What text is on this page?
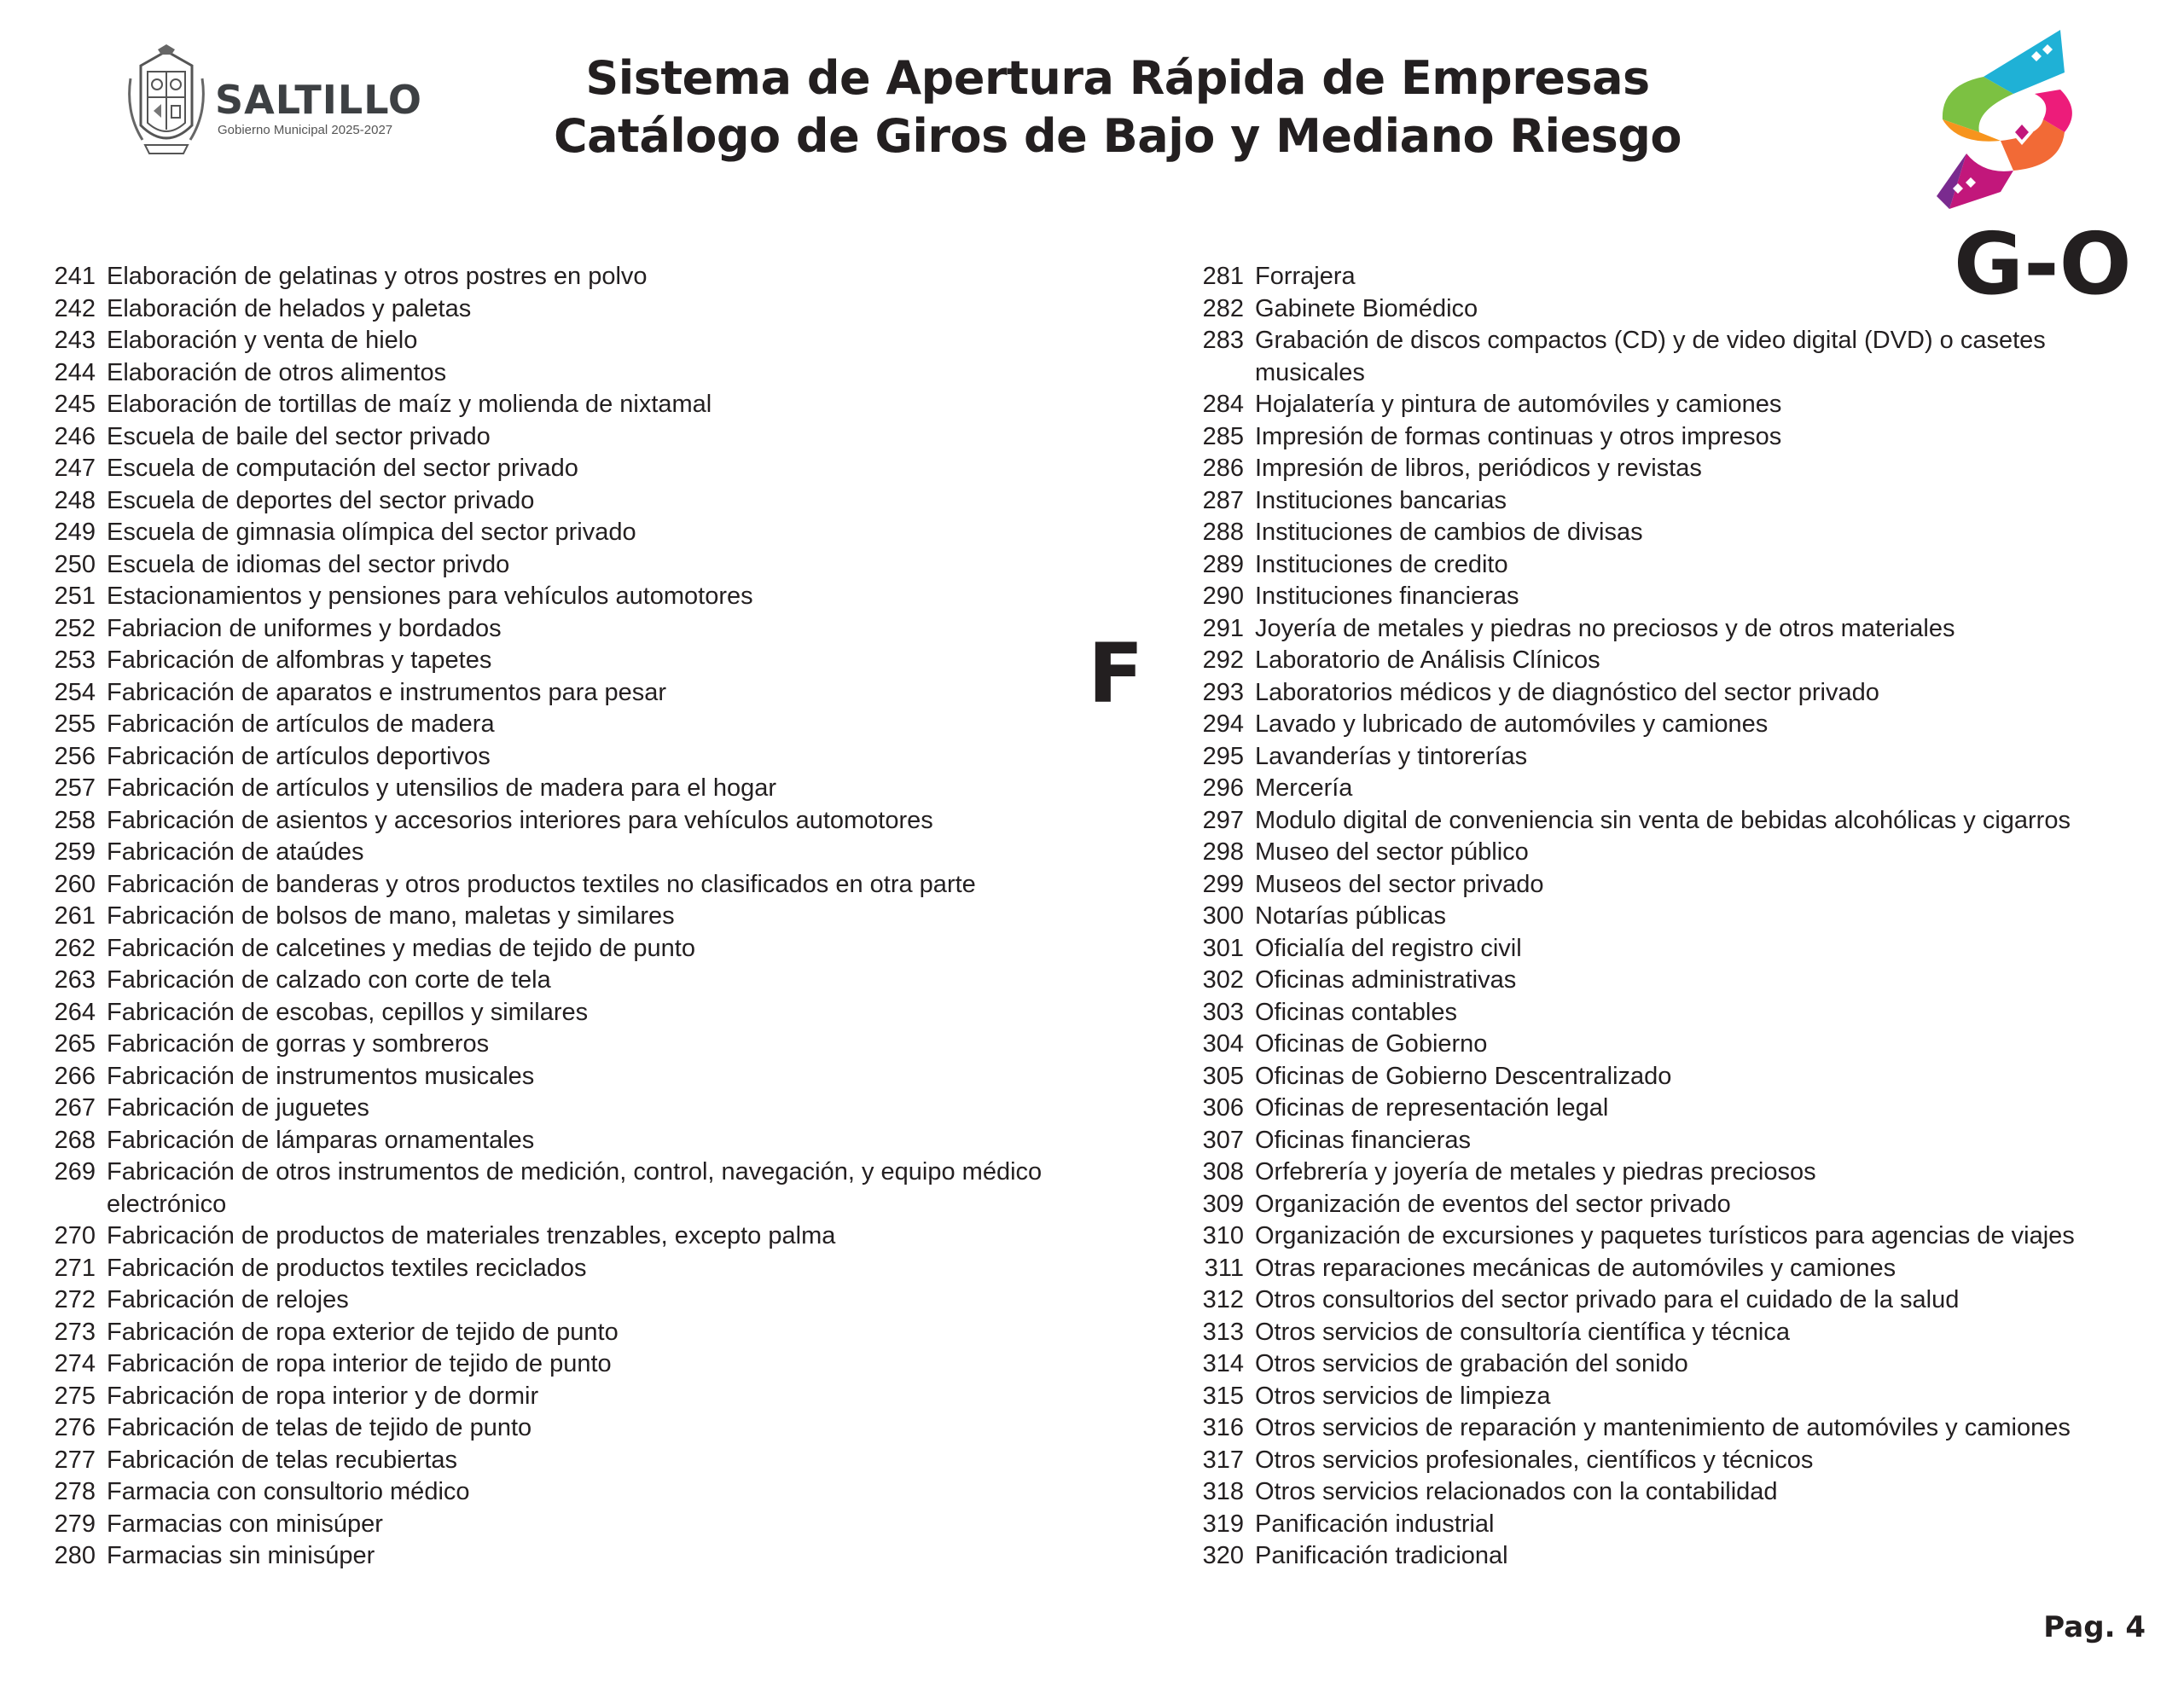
SALTILLO
Gobierno Municipal 2025-2027
Sistema de Apertura Rápida de Empresas
Catálogo de Giros de Bajo y Mediano Riesgo
G-O
F
241 Elaboración de gelatinas y otros postres en polvo
242 Elaboración de helados y paletas
243 Elaboración y venta de hielo
244 Elaboración de otros alimentos
245 Elaboración de tortillas de maíz y molienda de nixtamal
246 Escuela de baile del sector privado
247 Escuela de computación del sector privado
248 Escuela de deportes del sector privado
249 Escuela de gimnasia olímpica del sector privado
250 Escuela de idiomas del sector privdo
251 Estacionamientos y pensiones para vehículos automotores
252 Fabriacion de uniformes y bordados
253 Fabricación de alfombras y tapetes
254 Fabricación de aparatos e instrumentos para pesar
255 Fabricación de artículos de madera
256 Fabricación de artículos deportivos
257 Fabricación de artículos y utensilios de madera para el hogar
258 Fabricación de asientos y accesorios interiores para vehículos automotores
259 Fabricación de ataúdes
260 Fabricación de banderas y otros productos textiles no clasificados en otra parte
261 Fabricación de bolsos de mano, maletas y similares
262 Fabricación de calcetines y medias de tejido de punto
263 Fabricación de calzado con corte de tela
264 Fabricación de escobas, cepillos y similares
265 Fabricación de gorras y sombreros
266 Fabricación de instrumentos musicales
267 Fabricación de juguetes
268 Fabricación de lámparas ornamentales
269 Fabricación de otros instrumentos de medición, control, navegación, y equipo médico electrónico
270 Fabricación de productos de materiales trenzables, excepto palma
271 Fabricación de productos textiles reciclados
272 Fabricación de relojes
273 Fabricación de ropa exterior de tejido de punto
274 Fabricación de ropa interior de tejido de punto
275 Fabricación de ropa interior y de dormir
276 Fabricación de telas de tejido de punto
277 Fabricación de telas recubiertas
278 Farmacia con consultorio médico
279 Farmacias con minisúper
280 Farmacias sin minisúper
281 Forrajera
282 Gabinete Biomédico
283 Grabación de discos compactos (CD) y de video digital (DVD) o casetes musicales
284 Hojalatería y pintura de automóviles y camiones
285 Impresión de formas continuas y otros impresos
286 Impresión de libros, periódicos y revistas
287 Instituciones bancarias
288 Instituciones de cambios de divisas
289 Instituciones de credito
290 Instituciones financieras
291 Joyería de metales y piedras no preciosos y de otros materiales
292 Laboratorio de Análisis Clínicos
293 Laboratorios médicos y de diagnóstico del sector privado
294 Lavado y lubricado de automóviles y camiones
295 Lavanderías y tintorerías
296 Mercería
297 Modulo digital de conveniencia sin venta de bebidas alcohólicas y cigarros
298 Museo del sector público
299 Museos del sector privado
300 Notarías públicas
301 Oficialía del registro civil
302 Oficinas administrativas
303 Oficinas contables
304 Oficinas de Gobierno
305 Oficinas de Gobierno Descentralizado
306 Oficinas de representación legal
307 Oficinas financieras
308 Orfebrería y joyería de metales y piedras preciosos
309 Organización de eventos del sector privado
310 Organización de excursiones y paquetes turísticos para agencias de viajes
311 Otras reparaciones mecánicas de automóviles y camiones
312 Otros consultorios del sector privado para el cuidado de la salud
313 Otros servicios de consultoría científica y técnica
314 Otros servicios de grabación del sonido
315 Otros servicios de limpieza
316 Otros servicios de reparación y mantenimiento de automóviles y camiones
317 Otros servicios profesionales, científicos y técnicos
318 Otros servicios relacionados con la contabilidad
319 Panificación industrial
320 Panificación tradicional
Pag. 4
